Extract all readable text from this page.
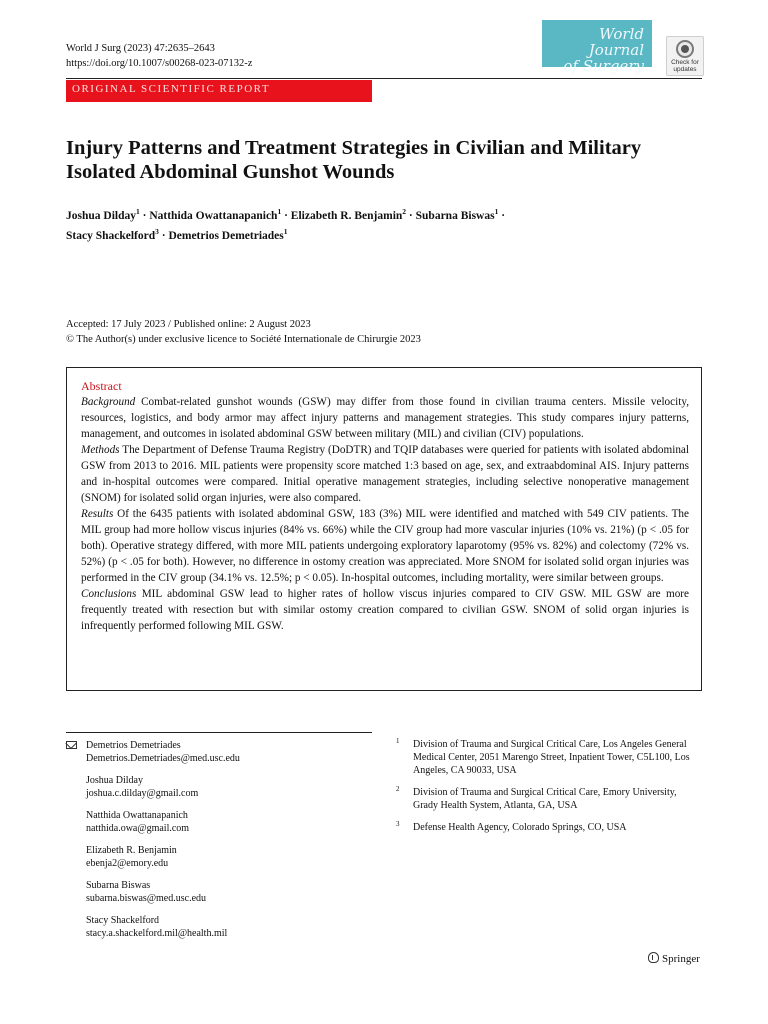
World J Surg (2023) 47:2635–2643
https://doi.org/10.1007/s00268-023-07132-z
World Journal
of Surgery	Check for
updates
ORIGINAL SCIENTIFIC REPORT
Injury Patterns and Treatment Strategies in Civilian and Military Isolated Abdominal Gunshot Wounds
Joshua Dilday$^1$ · Natthida Owattanapanich$^1$ · Elizabeth R. Benjamin$^2$ · Subarna Biswas$^1$ ·
Stacy Shackelford$^3$ · Demetrios Demetriades$^1$
Accepted: 17 July 2023 / Published online: 2 August 2023
© The Author(s) under exclusive licence to Société Internationale de Chirurgie 2023
Abstract

Background Combat-related gunshot wounds (GSW) may differ from those found in civilian trauma centers. Missile velocity, resources, logistics, and body armor may affect injury patterns and management strategies. This study compares injury patterns, management, and outcomes in isolated abdominal GSW between military (MIL) and civilian (CIV) populations.

Methods The Department of Defense Trauma Registry (DoDTR) and TQIP databases were queried for patients with isolated abdominal GSW from 2013 to 2016. MIL patients were propensity score matched 1:3 based on age, sex, and extraabdominal AIS. Injury patterns and in-hospital outcomes were compared. Initial operative management strategies, including selective nonoperative management (SNOM) for isolated solid organ injuries, were also compared.

Results Of the 6435 patients with isolated abdominal GSW, 183 (3%) MIL were identified and matched with 549 CIV patients. The MIL group had more hollow viscus injuries (84% vs. 66%) while the CIV group had more vascular injuries (10% vs. 21%) (p < .05 for both). Operative strategy differed, with more MIL patients undergoing exploratory laparotomy (95% vs. 82%) and colectomy (72% vs. 52%) (p < .05 for both). However, no difference in ostomy creation was appreciated. More SNOM for isolated solid organ injuries was performed in the CIV group (34.1% vs. 12.5%; p < 0.05). In-hospital outcomes, including mortality, were similar between groups.

Conclusions MIL abdominal GSW lead to higher rates of hollow viscus injuries compared to CIV GSW. MIL GSW are more frequently treated with resection but with similar ostomy creation compared to civilian GSW. SNOM of solid organ injuries is infrequently performed following MIL GSW.

Demetrios Demetriades
Demetrios.Demetriades@med.usc.edu
Joshua Dilday
joshua.c.dilday@gmail.com
Natthida Owattanapanich
natthida.owa@gmail.com
Elizabeth R. Benjamin
ebenja2@emory.edu
Subarna Biswas
subarna.biswas@med.usc.edu
Stacy Shackelford
stacy.a.shackelford.mil@health.mil
1 Division of Trauma and Surgical Critical Care, Los Angeles General Medical Center, 2051 Marengo Street, Inpatient Tower, C5L100, Los Angeles, CA 90033, USA
2 Division of Trauma and Surgical Critical Care, Emory University, Grady Health System, Atlanta, GA, USA
3 Defense Health Agency, Colorado Springs, CO, USA
Springer
